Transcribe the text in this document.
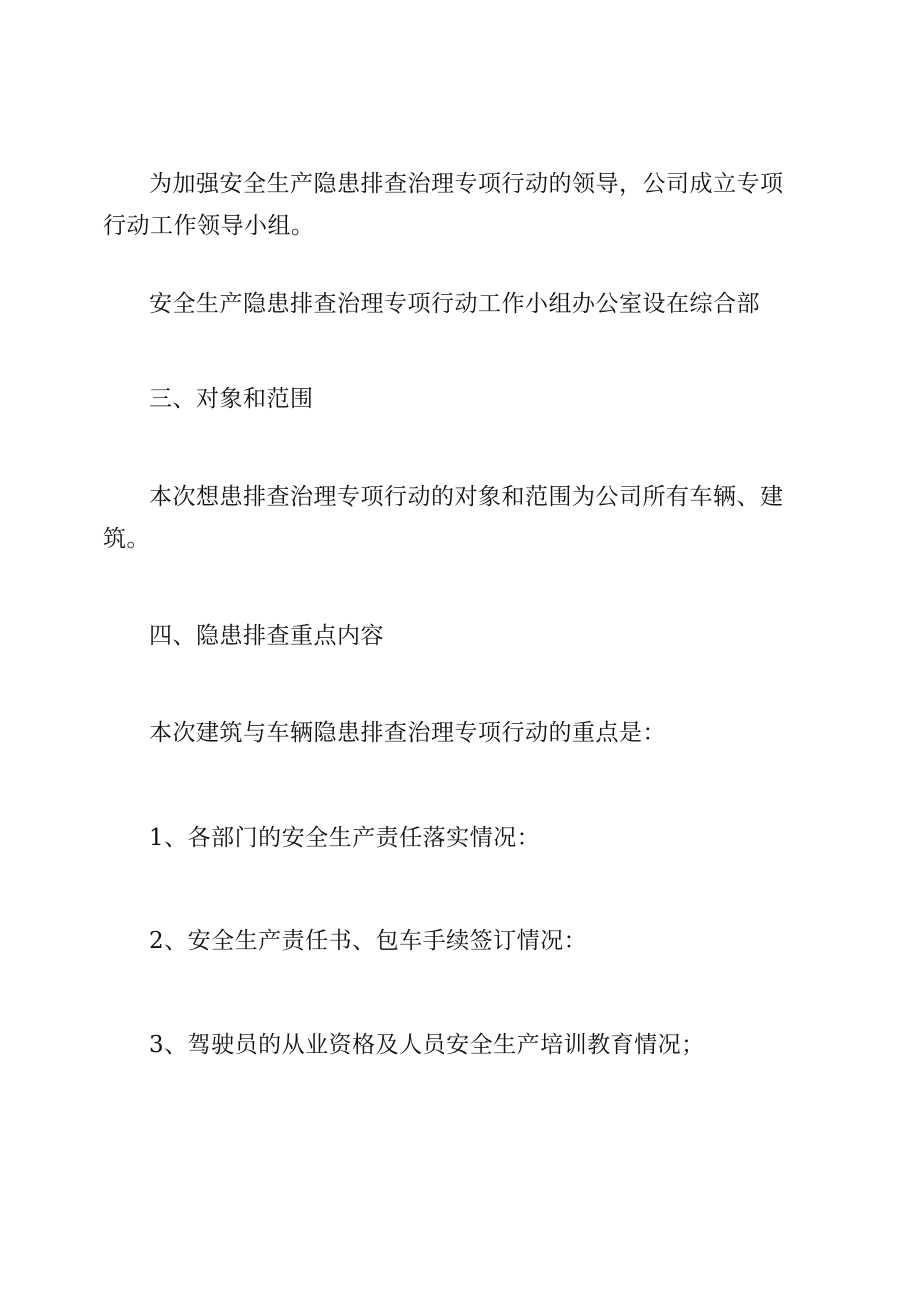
为加强安全生产隐患排查治理专项行动的领导，公司成立专项行动工作领导小组。

安全生产隐患排查治理专项行动工作小组办公室设在综合部

三、对象和范围

本次想患排查治理专项行动的对象和范围为公司所有车辆、建筑。

四、隐患排查重点内容

本次建筑与车辆隐患排查治理专项行动的重点是：

1、各部门的安全生产责任落实情况：

2、安全生产责任书、包车手续签订情况：

3、驾驶员的从业资格及人员安全生产培训教育情况；
